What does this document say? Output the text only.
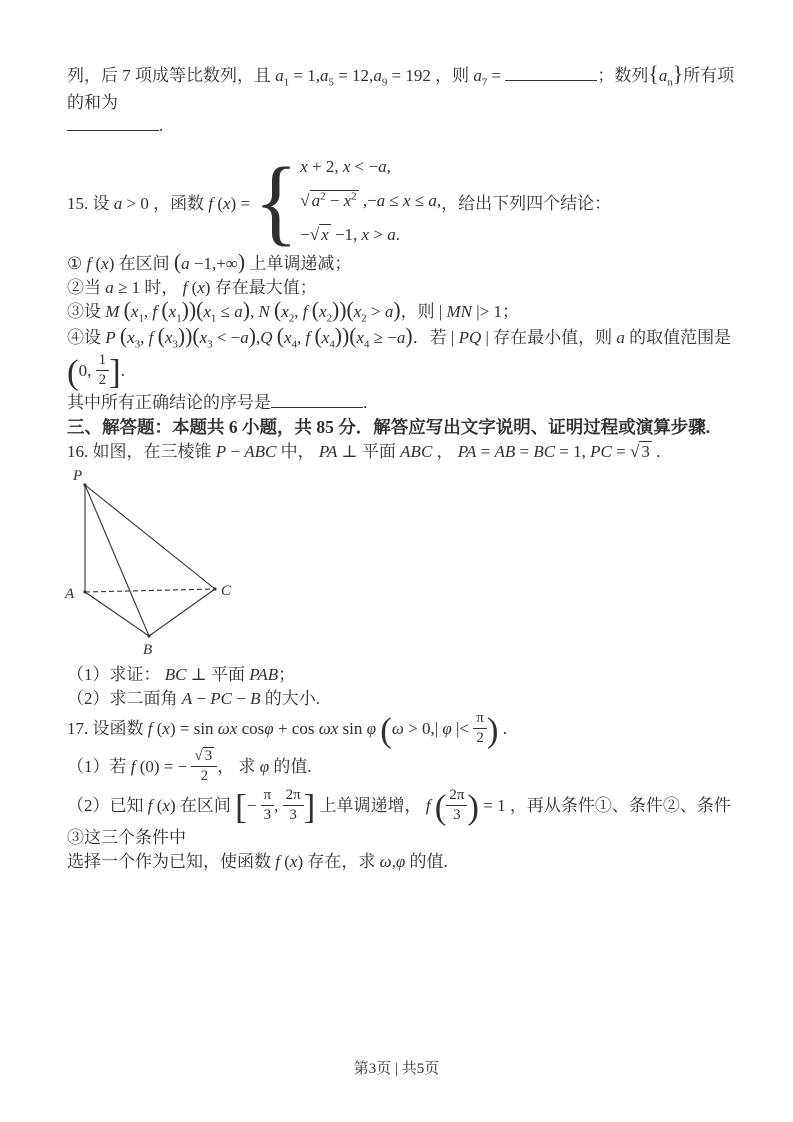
列，后 7 项成等比数列，且 $a_1 = 1,a_5 = 12,a_9 = 192$ ，则 $a_7$ =	；数列$\{a_n\}$所有项的和为

.

15. 设 a > 0 ，函数 f (x) = { x + 2, x < −a,
√ $a^2 - x^2$ ,−a ≤ x ≤ a,
−√ x −1, x > a.
，给出下列四个结论：

① f (x) 在区间 (a −1,+∞) 上单调递减；

②当 a ≥ 1 时， f (x) 存在最大值；

③设 M ($x_1$, f $(x_1))(x_1 \le a)$, N ($x_2$, f $(x_2))(x_2 > a)$，则 | MN |> 1；

④设 P ($x_3$, f $(x_3))(x_3 < -a),Q$ ($x_4$, f $(x_4))(x_4 \ge -a)$．若 | PQ | 存在最小值，则 a 的取值范围是

(0, $\frac{1}{2}$ ].

其中所有正确结论的序号是	.

三、解答题：本题共 6 小题，共 85 分．解答应写出文字说明、证明过程或演算步骤.

16. 如图，在三棱锥 P − ABC 中， PA ⊥ 平面 ABC ， PA = AB = BC = 1, PC = √ 3 .

P
A	C
B

（1）求证： BC ⊥ 平面 PAB；

（2）求二面角 A − PC − B 的大小.

17. 设函数 f (x) = sin ωx cosφ + cos ωx sin φ (ω > 0,| φ |< $\frac{\pi}{2}$ ) .

（1）若 f (0) = − $\frac{√ 3}{2}$ ， 求 φ 的值.

（2）已知 f (x) 在区间 [− $\frac{\pi}{3}$ , $\frac{2\pi}{3}$ ] 上单调递增， f ( $\frac{2\pi}{3}$ ) = 1 ，再从条件①、条件②、条件③这三个条件中

选择一个作为已知，使函数 f (x) 存在，求 ω,φ 的值.

第3页 | 共5页
